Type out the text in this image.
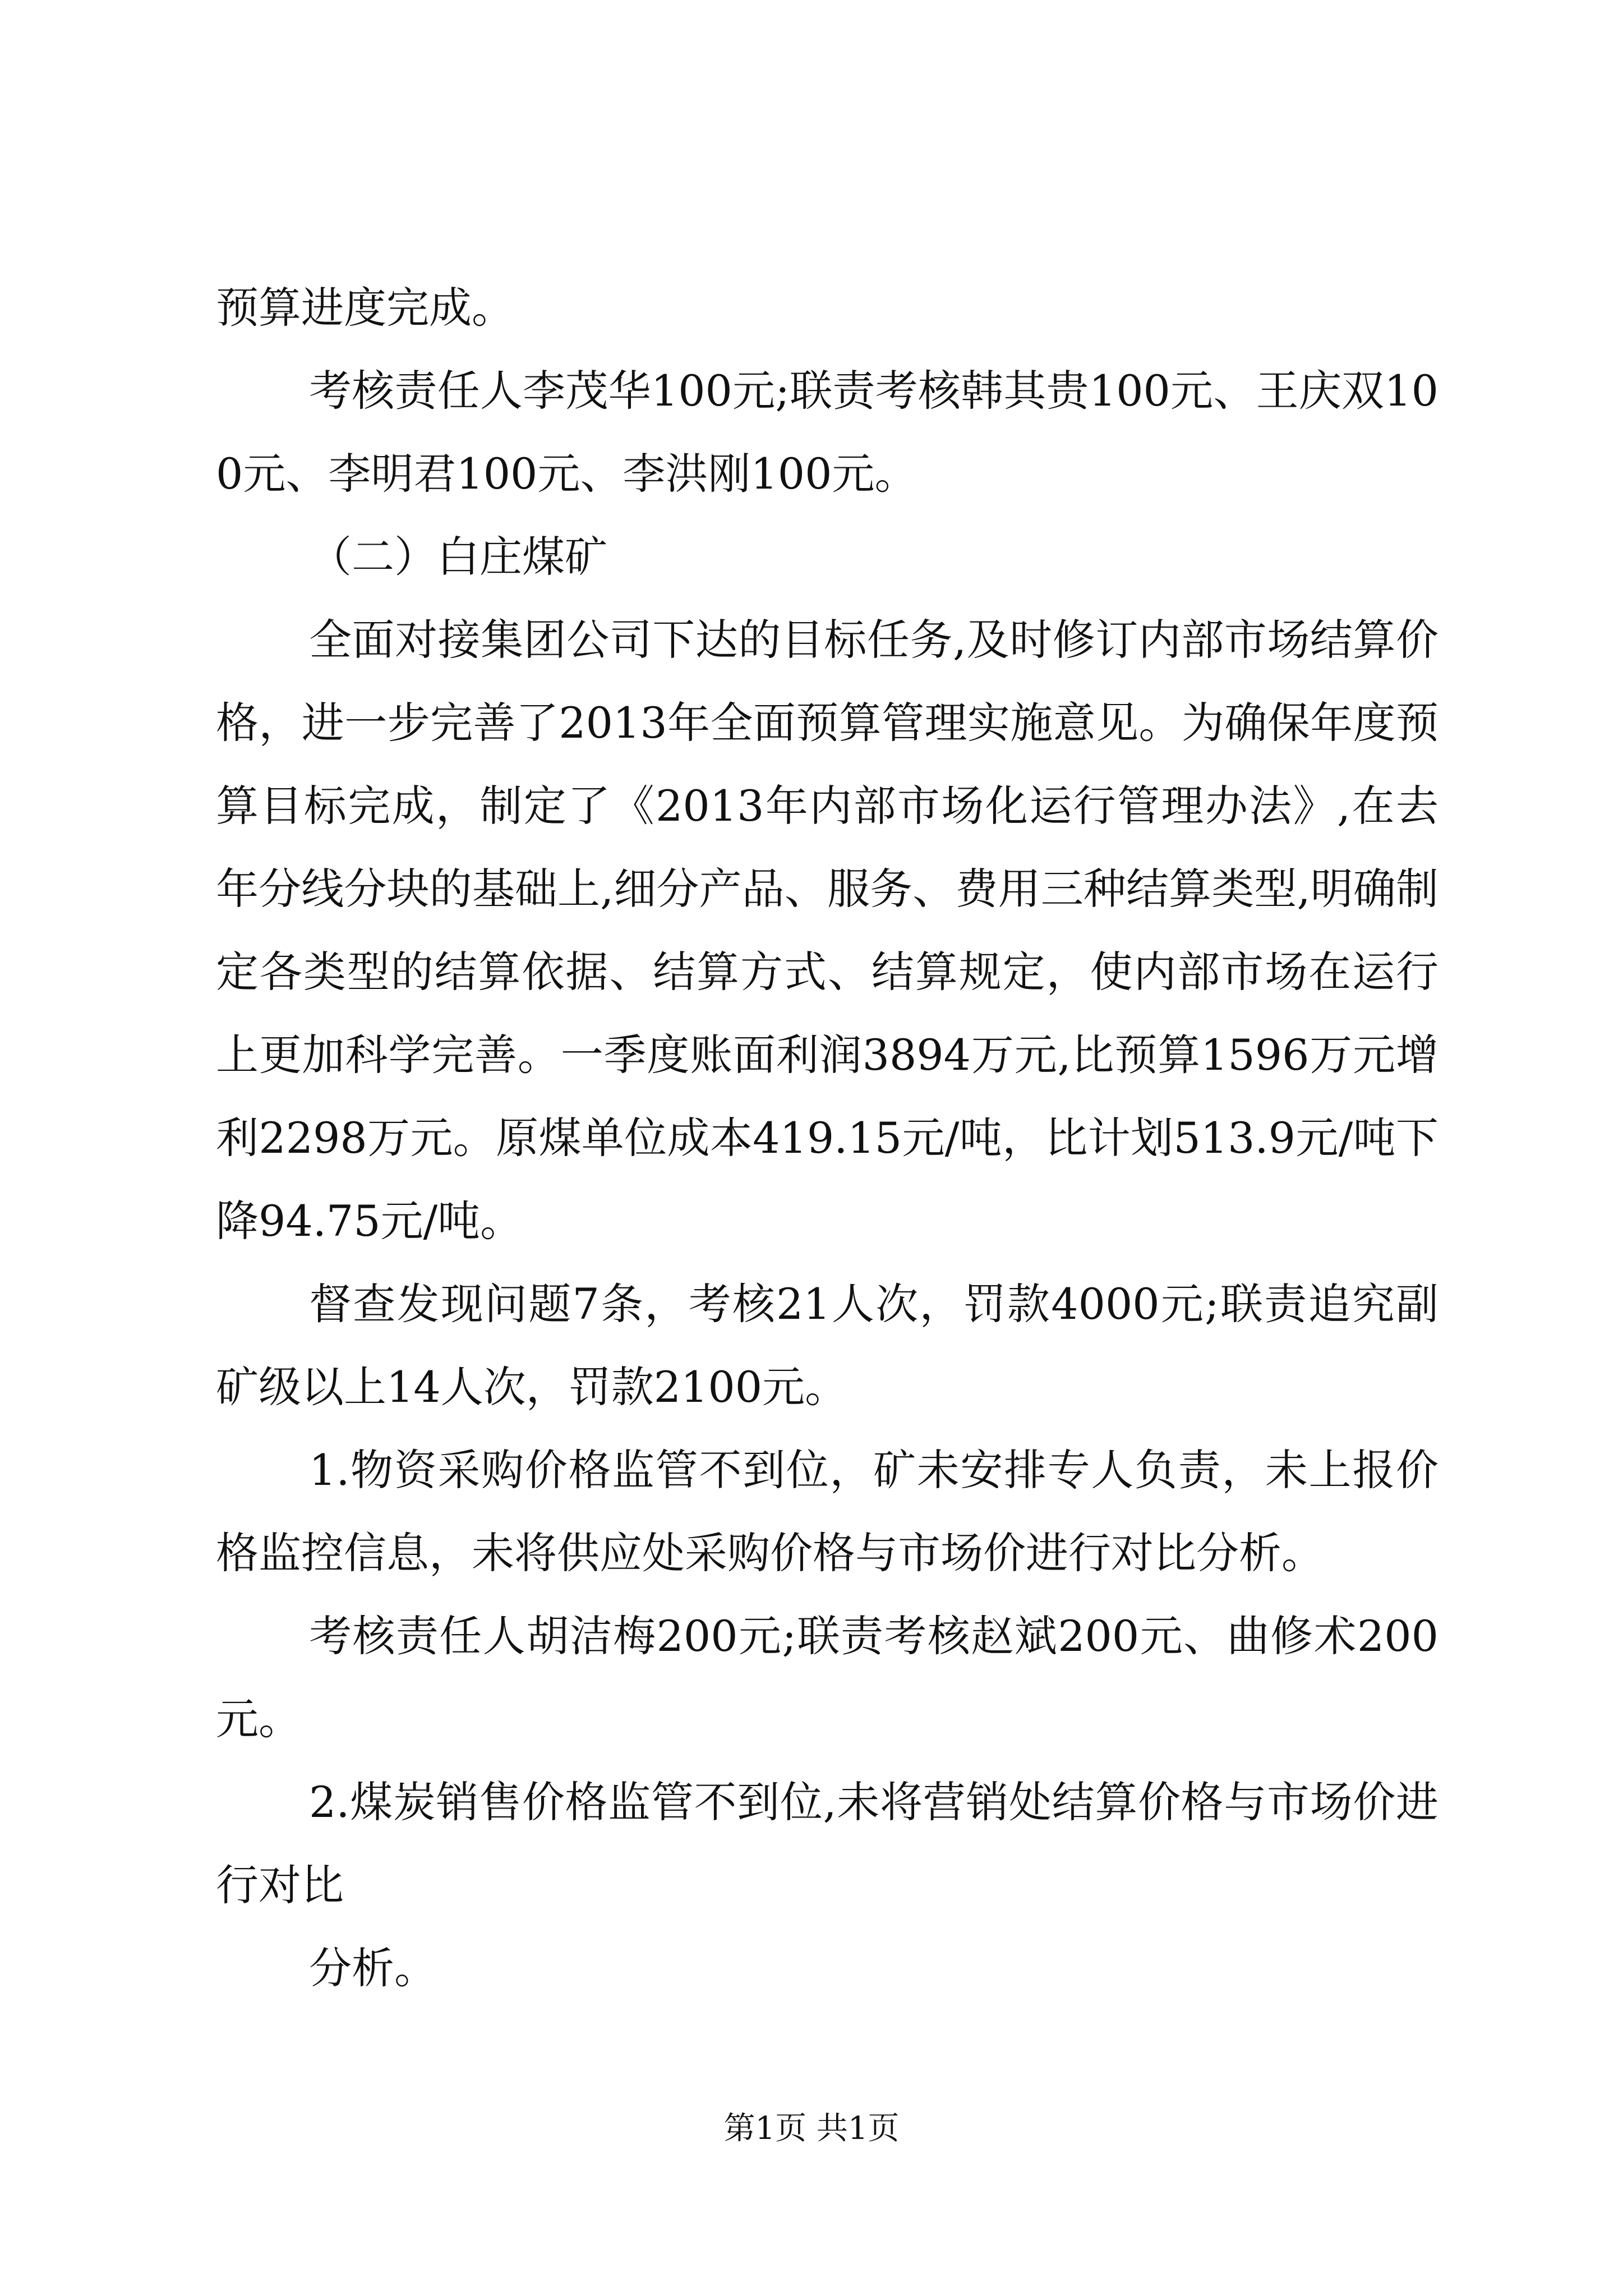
预算进度完成。

考核责任人李茂华100元;联责考核韩其贵100元、王庆双100元、李明君100元、李洪刚100元。

（二）白庄煤矿

全面对接集团公司下达的目标任务,及时修订内部市场结算价格，进一步完善了2013年全面预算管理实施意见。为确保年度预算目标完成，制定了《2013年内部市场化运行管理办法》,在去年分线分块的基础上,细分产品、服务、费用三种结算类型,明确制定各类型的结算依据、结算方式、结算规定，使内部市场在运行上更加科学完善。一季度账面利润3894万元,比预算1596万元增利2298万元。原煤单位成本419.15元/吨，比计划513.9元/吨下降94.75元/吨。

督查发现问题7条，考核21人次，罚款4000元;联责追究副矿级以上14人次，罚款2100元。

1.物资采购价格监管不到位，矿未安排专人负责，未上报价格监控信息，未将供应处采购价格与市场价进行对比分析。

考核责任人胡洁梅200元;联责考核赵斌200元、曲修术200元。

2.煤炭销售价格监管不到位,未将营销处结算价格与市场价进行对比

分析。

第1页 共1页
